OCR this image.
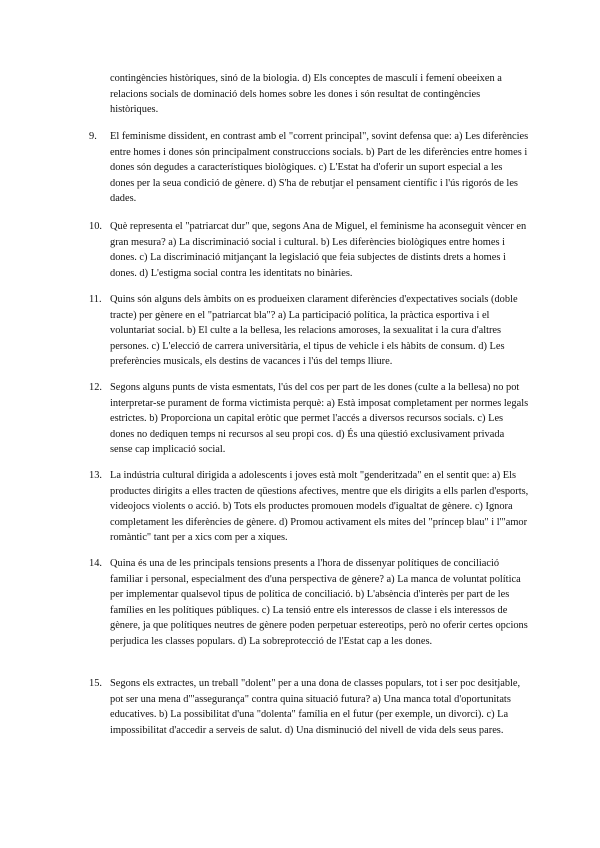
contingències històriques, sinó de la biologia. d) Els conceptes de masculí i femení obeeixen a relacions socials de dominació dels homes sobre les dones i són resultat de contingències històriques.

9.	El feminisme dissident, en contrast amb el "corrent principal", sovint defensa que: a) Les diferències entre homes i dones són principalment construccions socials. b) Part de les diferències entre homes i dones són degudes a característiques biològiques. c) L'Estat ha d'oferir un suport especial a les dones per la seua condició de gènere. d) S'ha de rebutjar el pensament científic i l'ús rigorós de les dades.
10. Què representa el "patriarcat dur" que, segons Ana de Miguel, el feminisme ha aconseguit vèncer en gran mesura? a) La discriminació social i cultural. b) Les diferències biològiques entre homes i dones. c) La discriminació mitjançant la legislació que feia subjectes de distints drets a homes i dones. d) L'estigma social contra les identitats no binàries.
11. Quins són alguns dels àmbits on es produeixen clarament diferències d'expectatives socials (doble tracte) per gènere en el "patriarcat bla"? a) La participació política, la pràctica esportiva i el voluntariat social. b) El culte a la bellesa, les relacions amoroses, la sexualitat i la cura d'altres persones. c) L'elecció de carrera universitària, el tipus de vehicle i els hàbits de consum. d) Les preferències musicals, els destins de vacances i l'ús del temps lliure.
12. Segons alguns punts de vista esmentats, l'ús del cos per part de les dones (culte a la bellesa) no pot interpretar-se purament de forma victimista perquè: a) Està imposat completament per normes legals estrictes. b) Proporciona un capital eròtic que permet l'accés a diversos recursos socials. c) Les dones no dediquen temps ni recursos al seu propi cos. d) És una qüestió exclusivament privada sense cap implicació social.
13. La indústria cultural dirigida a adolescents i joves està molt "genderitzada" en el sentit que: a) Els productes dirigits a elles tracten de qüestions afectives, mentre que els dirigits a ells parlen d'esports, videojocs violents o acció. b) Tots els productes promouen models d'igualtat de gènere. c) Ignora completament les diferències de gènere. d) Promou activament els mites del "príncep blau" i l'"amor romàntic" tant per a xics com per a xiques.
14. Quina és una de les principals tensions presents a l'hora de dissenyar polítiques de conciliació familiar i personal, especialment des d'una perspectiva de gènere? a) La manca de voluntat política per implementar qualsevol tipus de política de conciliació. b) L'absència d'interès per part de les famílies en les polítiques públiques. c) La tensió entre els interessos de classe i els interessos de gènere, ja que polítiques neutres de gènere poden perpetuar estereotips, però no oferir certes opcions perjudica les classes populars. d) La sobreprotecció de l'Estat cap a les dones.
15. Segons els extractes, un treball "dolent" per a una dona de classes populars, tot i ser poc desitjable, pot ser una mena d'"assegurança" contra quina situació futura? a) Una manca total d'oportunitats educatives. b) La possibilitat d'una "dolenta" família en el futur (per exemple, un divorci). c) La impossibilitat d'accedir a serveis de salut. d) Una disminució del nivell de vida dels seus pares.
